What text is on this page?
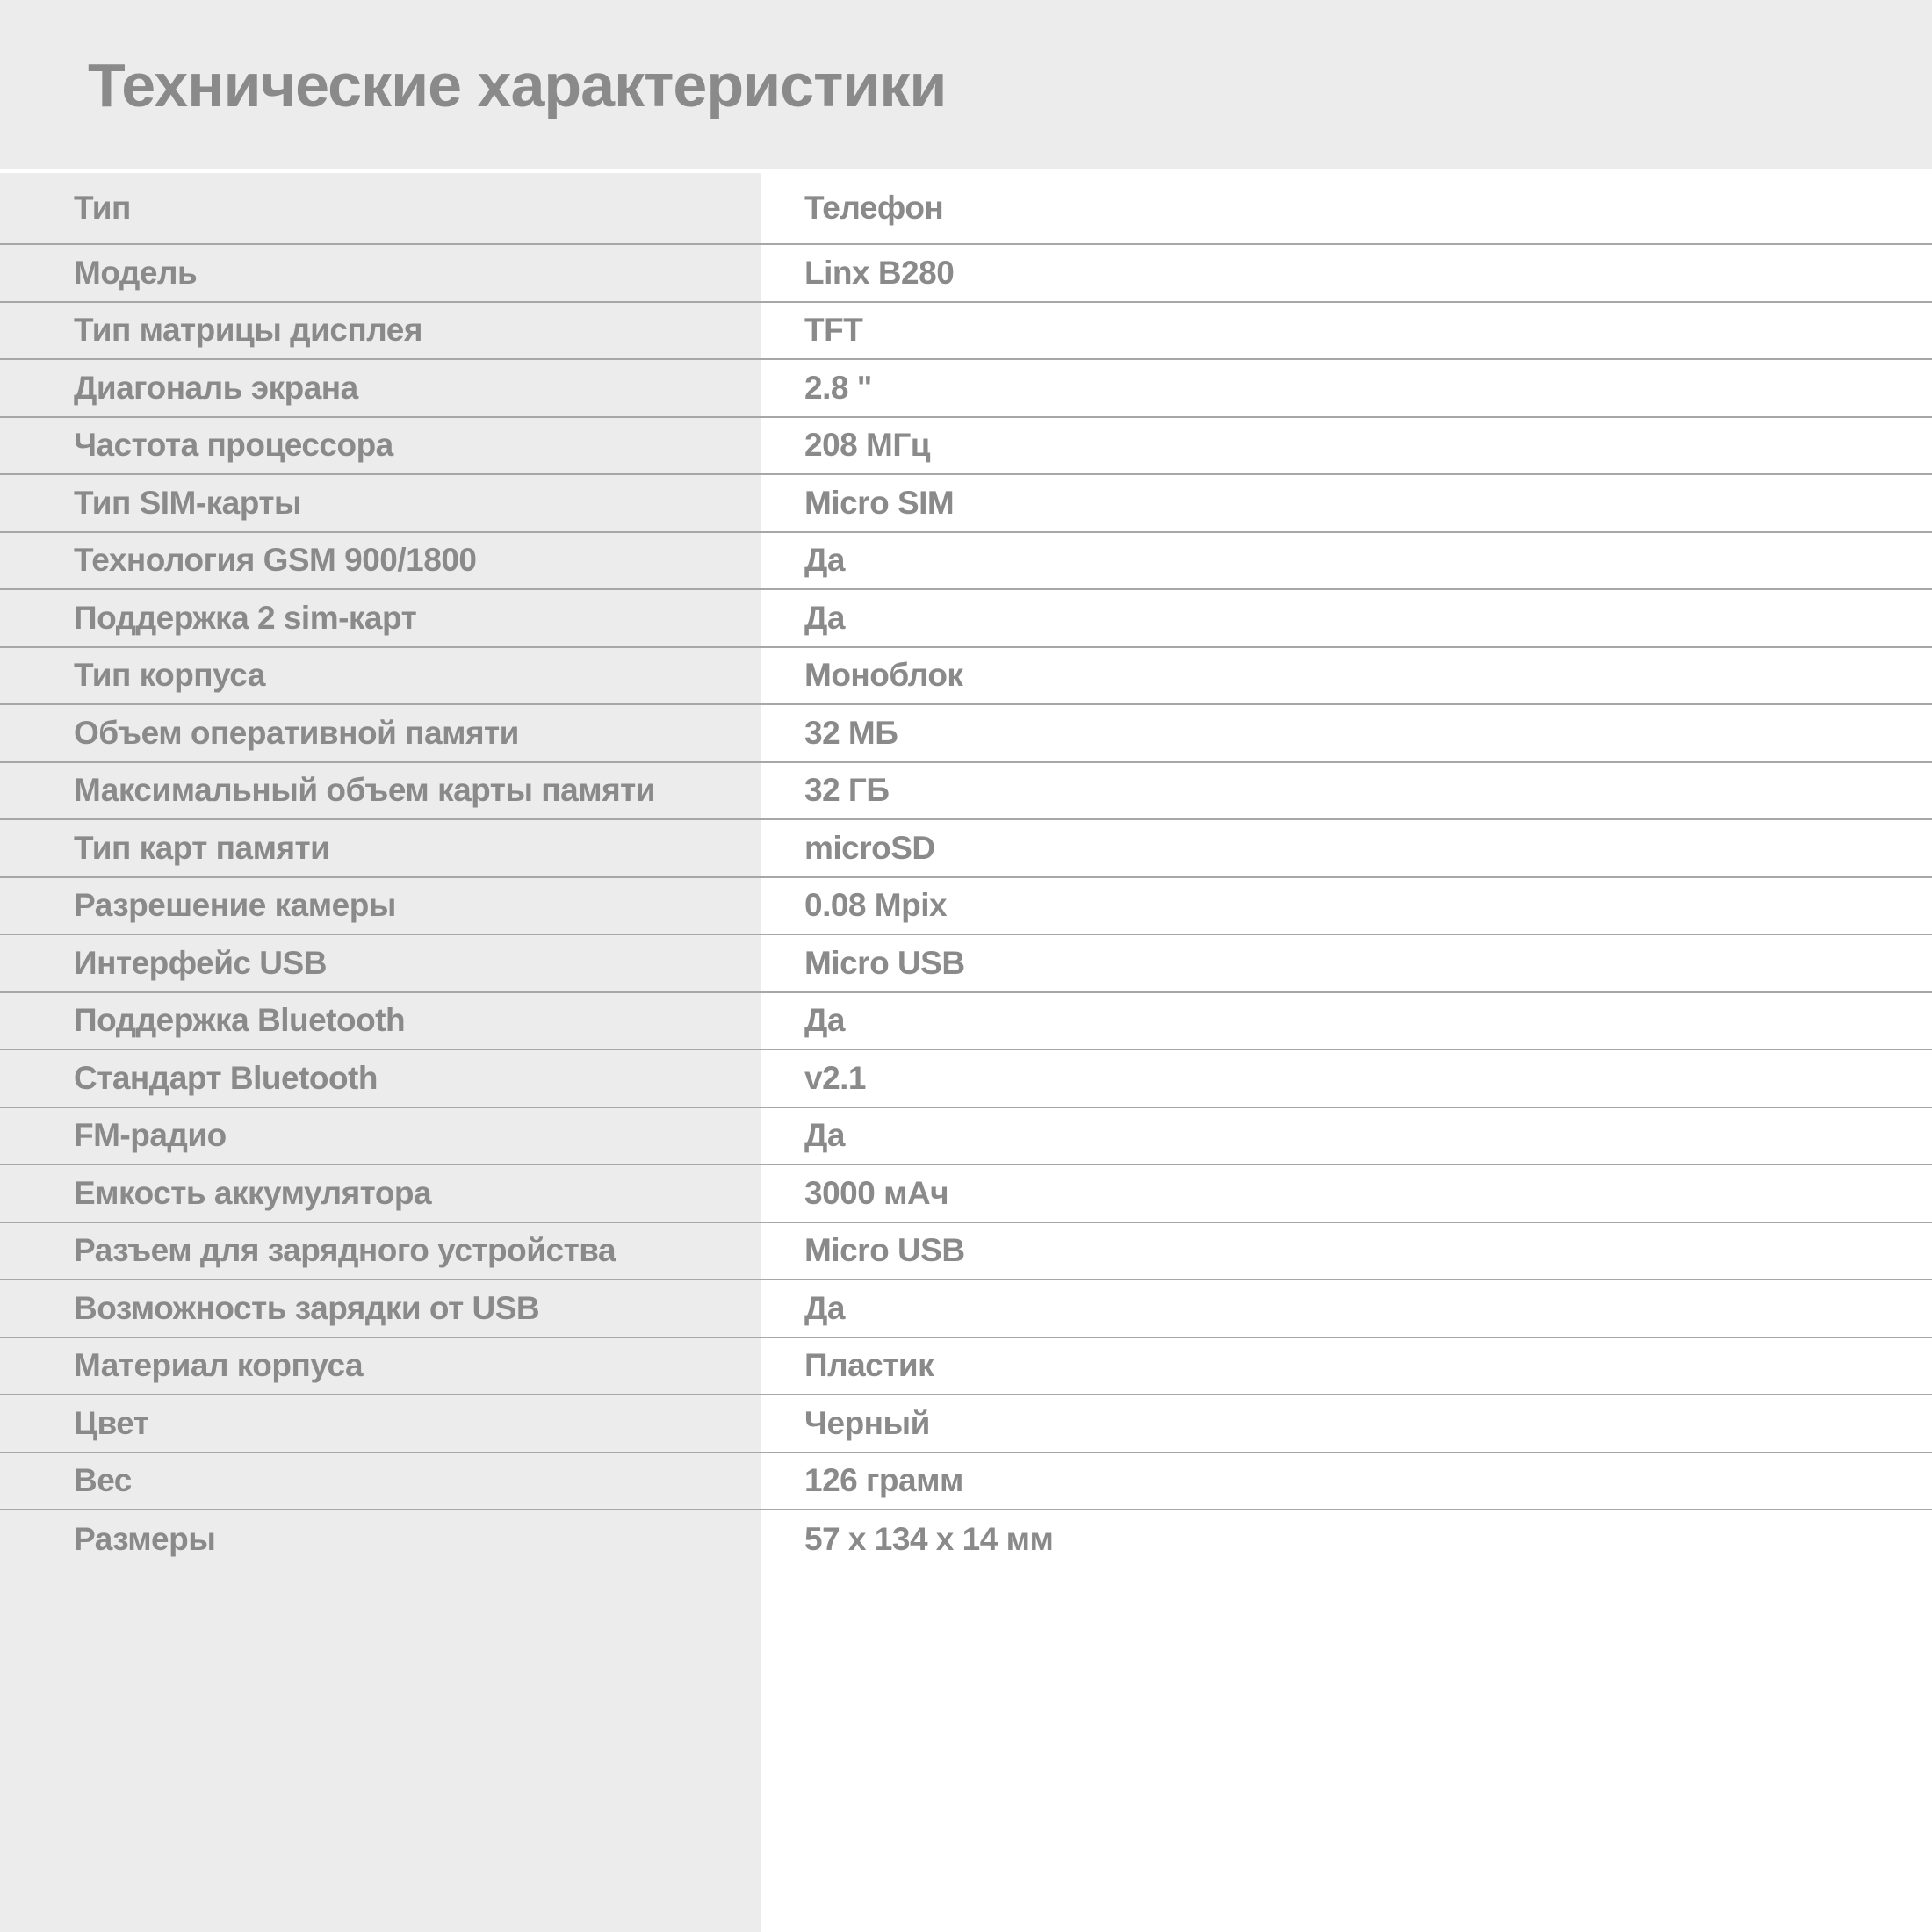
Технические характеристики
Тип	Телефон
Модель	Linx B280
Тип матрицы дисплея	TFT
Диагональ экрана	2.8 "
Частота процессора	208 МГц
Тип SIM-карты	Micro SIM
Технология GSM 900/1800	Да
Поддержка 2 sim-карт	Да
Тип корпуса	Моноблок
Объем оперативной памяти	32 МБ
Максимальный объем карты памяти	32 ГБ
Тип карт памяти	microSD
Разрешение камеры	0.08 Mpix
Интерфейс USB	Micro USB
Поддержка Bluetooth	Да
Стандарт Bluetooth	v2.1
FM-радио	Да
Емкость аккумулятора	3000 мАч
Разъем для зарядного устройства	Micro USB
Возможность зарядки от USB	Да
Материал корпуса	Пластик
Цвет	Черный
Вес	126 грамм
Размеры	57 x 134 x 14 мм
